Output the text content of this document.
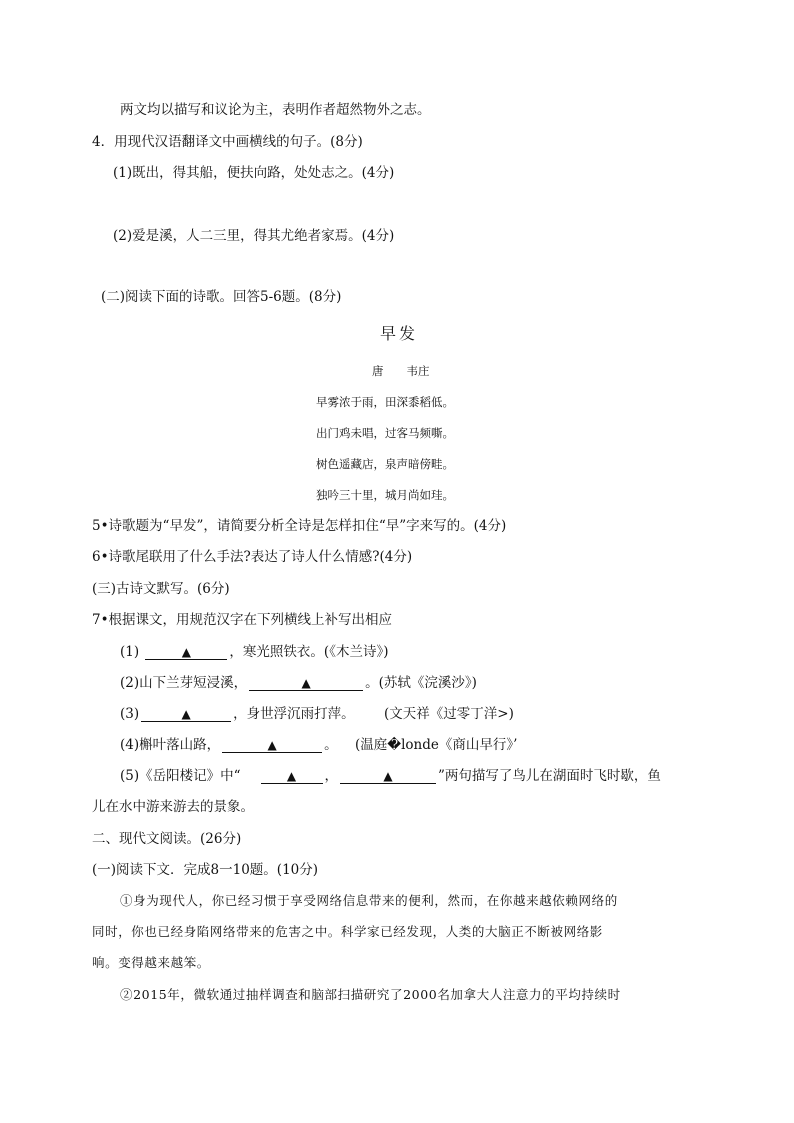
两文均以描写和议论为主，表明作者超然物外之志。
4．用现代汉语翻译文中画横线的句子。(8分)
(1)既出，得其船，便扶向路，处处志之。(4分)
(2)爱是溪，人二三里，得其尤绝者家焉。(4分)
(二)阅读下面的诗歌。回答5-6题。(8分)
早发
唐　　韦庄
早雾浓于雨，田深黍稻低。
出门鸡未唱，过客马频嘶。
树色遥藏店，泉声暗傍畦。
独吟三十里，城月尚如珪。
5•诗歌题为“早发”，请简要分析全诗是怎样扣住“早”字来写的。(4分)
6•诗歌尾联用了什么手法?表达了诗人什么情感?(4分)
(三)古诗文默写。(6分)
7•根据课文，用规范汉字在下列横线上补写出相应
(1)	▲	，寒光照铁衣。(《木兰诗》)
(2)山下兰芽短浸溪，	▲	。(苏轼《浣溪沙》)
(3)	▲	，身世浮沉雨打萍。 (文天祥《过零丁洋>)
(4)槲叶落山路，	▲	。 (温庭�londe《商山早行》’
(5)《岳阳楼记》中“	▲ ，	▲	”两句描写了鸟儿在湖面时飞时歇，鱼
儿在水中游来游去的景象。
二、现代文阅读。(26分)
(一)阅读下文．完成8一10题。(10分)
①身为现代人，你已经习惯于享受网络信息带来的便利，然而，在你越来越依赖网络的
同时，你也已经身陷网络带来的危害之中。科学家已经发现，人类的大脑正不断被网络影
响。变得越来越笨。
②2015年，微软通过抽样调查和脑部扫描研究了2000名加拿大人注意力的平均持续时
